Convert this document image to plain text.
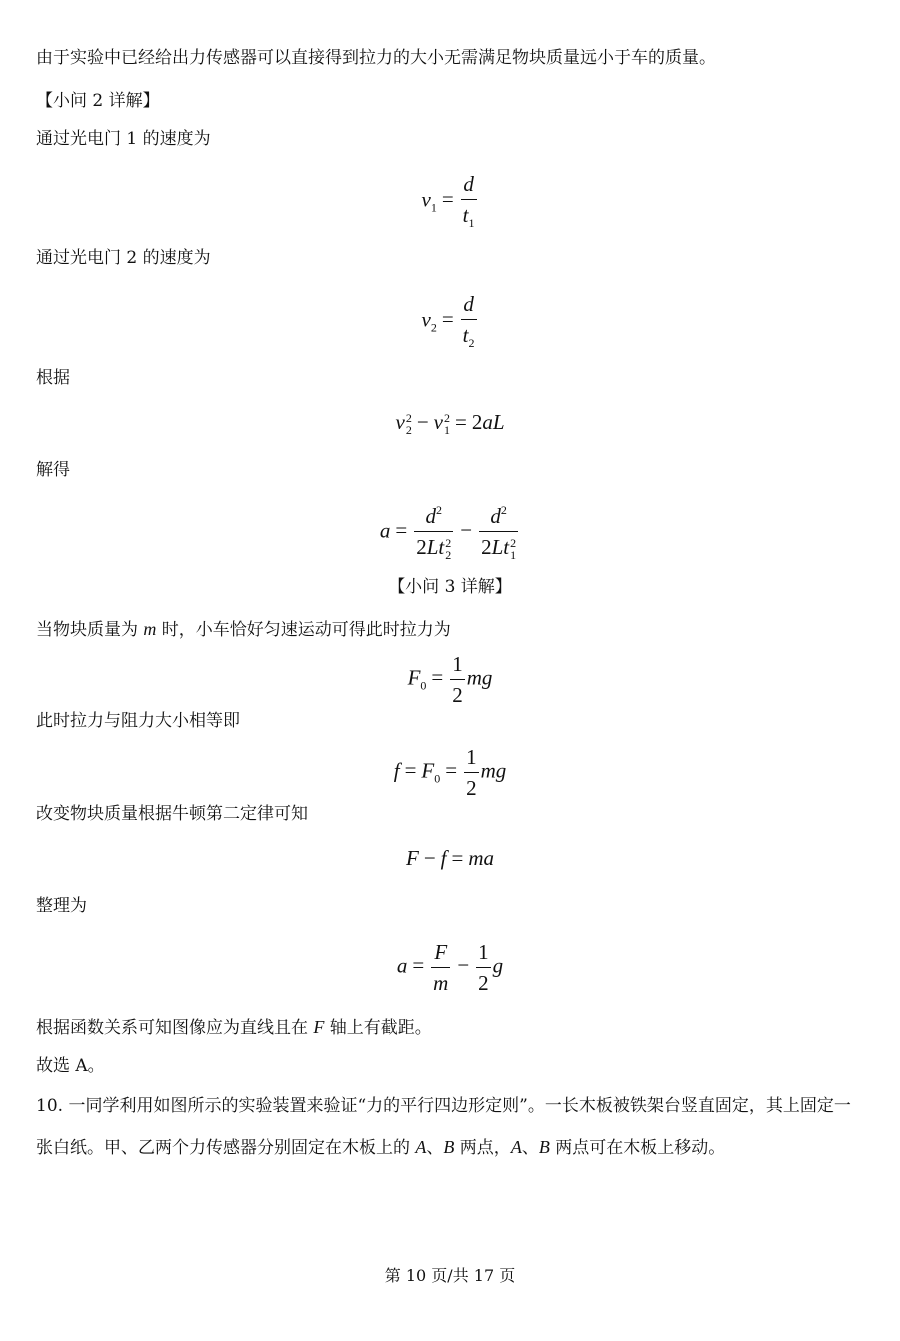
由于实验中已经给出力传感器可以直接得到拉力的大小无需满足物块质量远小于车的质量。
【小问 2 详解】
通过光电门 1 的速度为
$v_1 = \frac{d}{t_1}$
通过光电门 2 的速度为
$v_2 = \frac{d}{t_2}$
根据
v 2
2 − v 2
1 = 2aL
解得
$a = d^2$
2Lt 2
$2 - d^2$
2Lt 2
1
【小问 3 详解】
当物块质量为 m 时，小车恰好匀速运动可得此时拉力为
$F_0 = \frac{1}{2}$ mg
此时拉力与阻力大小相等即
$f = F_0 = \frac{1}{2}$ mg
改变物块质量根据牛顿第二定律可知
F − f = ma
整理为
$a = \frac{F}{m} - \frac{1}{2}$ g
根据函数关系可知图像应为直线且在 F 轴上有截距。
故选 A。
10. 一同学利用如图所示的实验装置来验证“力的平行四边形定则”。一长木板被铁架台竖直固定，其上固定一张白纸。甲、乙两个力传感器分别固定在木板上的 A、B 两点，A、B 两点可在木板上移动。
第 10 页/共 17 页
